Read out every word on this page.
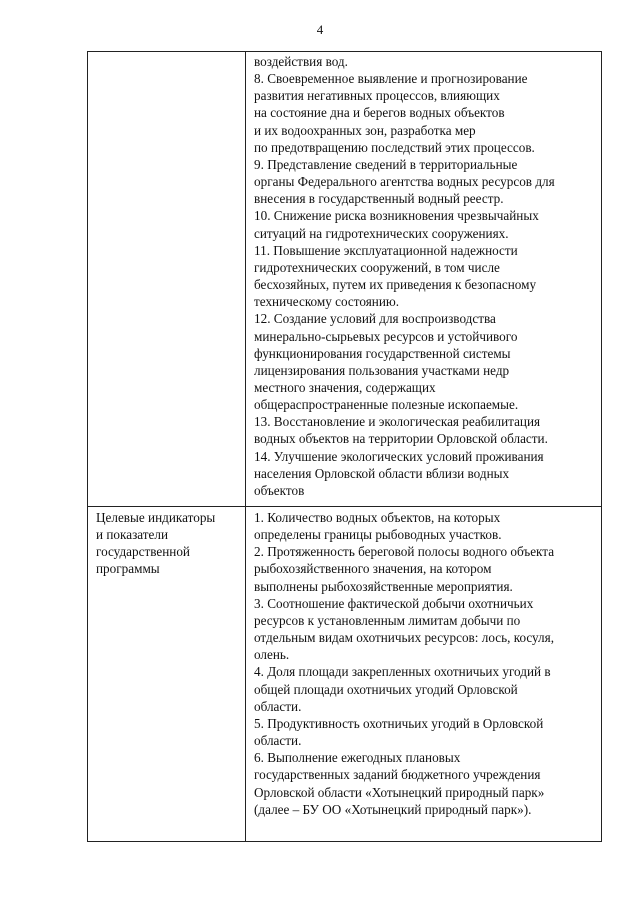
4
воздействия вод.
8. Своевременное выявление и прогнозирование
развития негативных процессов, влияющих
на состояние дна и берегов водных объектов
и их водоохранных зон, разработка мер
по предотвращению последствий этих процессов.
9. Представление сведений в территориальные
органы Федерального агентства водных ресурсов для
внесения в государственный водный реестр.
10. Снижение риска возникновения чрезвычайных
ситуаций на гидротехнических сооружениях.
11. Повышение эксплуатационной надежности
гидротехнических сооружений, в том числе
бесхозяйных, путем их приведения к безопасному
техническому состоянию.
12. Создание условий для воспроизводства
минерально-сырьевых ресурсов и устойчивого
функционирования государственной системы
лицензирования пользования участками недр
местного значения, содержащих
общераспространенные полезные ископаемые.
13. Восстановление и экологическая реабилитация
водных объектов на территории Орловской области.
14. Улучшение экологических условий проживания
населения Орловской области вблизи водных
объектов
Целевые индикаторы
и показатели
государственной
программы
1. Количество водных объектов, на которых
определены границы рыбоводных участков.
2. Протяженность береговой полосы водного объекта
рыбохозяйственного значения, на котором
выполнены рыбохозяйственные мероприятия.
3. Соотношение фактической добычи охотничьих
ресурсов к установленным лимитам добычи по
отдельным видам охотничьих ресурсов: лось, косуля,
олень.
4. Доля площади закрепленных охотничьих угодий в
общей площади охотничьих угодий Орловской
области.
5. Продуктивность охотничьих угодий в Орловской
области.
6. Выполнение ежегодных плановых
государственных заданий бюджетного учреждения
Орловской области «Хотынецкий природный парк»
(далее – БУ ОО «Хотынецкий природный парк»).
